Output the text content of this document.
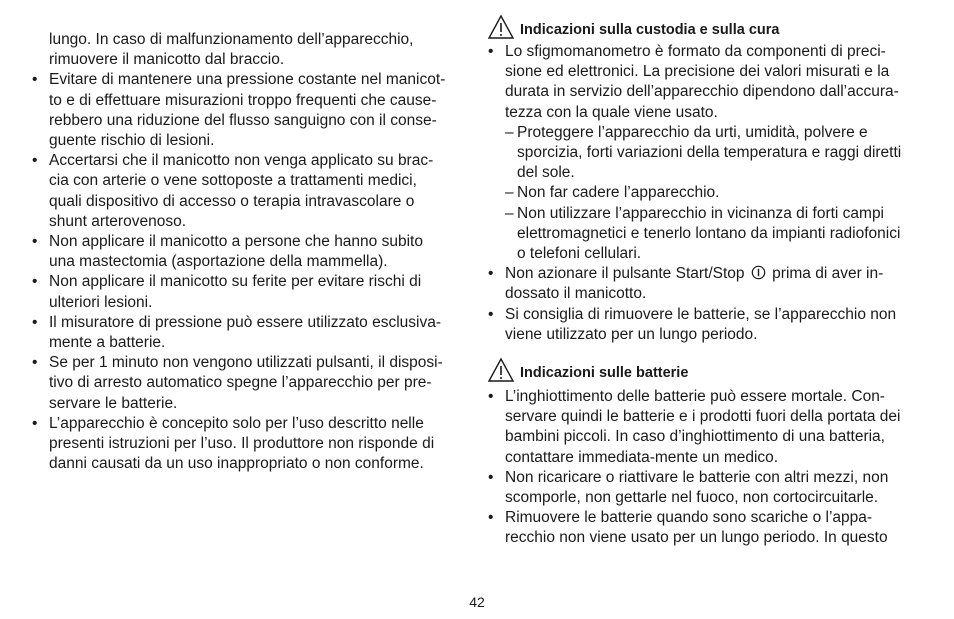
lungo. In caso di malfunzionamento dell’apparecchio,
rimuovere il manicotto dal braccio.

• Evitare di mantenere una pressione costante nel manicot-
to e di effettuare misurazioni troppo frequenti che cause-
rebbero una riduzione del flusso sanguigno con il conse-
guente rischio di lesioni.

• Accertarsi che il manicotto non venga applicato su brac-
cia con arterie o vene sottoposte a trattamenti medici,
quali dispositivo di accesso o terapia intravascolare o
shunt arterovenoso.

• Non applicare il manicotto a persone che hanno subito
una mastectomia (asportazione della mammella).

• Non applicare il manicotto su ferite per evitare rischi di
ulteriori lesioni.

• Il misuratore di pressione può essere utilizzato esclusiva-
mente a batterie.

• Se per 1 minuto non vengono utilizzati pulsanti, il disposi-
tivo di arresto automatico spegne l’apparecchio per pre-
servare le batterie.

• L’apparecchio è concepito solo per l’uso descritto nelle
presenti istruzioni per l’uso. Il produttore non risponde di
danni causati da un uso inappropriato o non conforme.

Indicazioni sulla custodia e sulla cura

• Lo sfigmomanometro è formato da componenti di preci-
sione ed elettronici. La precisione dei valori misurati e la
durata in servizio dell’apparecchio dipendono dall’accura-
tezza con la quale viene usato.

– Proteggere l’apparecchio da urti, umidità, polvere e
sporcizia, forti variazioni della temperatura e raggi diretti
del sole.

– Non far cadere l’apparecchio.

– Non utilizzare l’apparecchio in vicinanza di forti campi
elettromagnetici e tenerlo lontano da impianti radiofonici
o telefoni cellulari.

• Non azionare il pulsante Start/Stop prima di aver in-
dossato il manicotto.

• Si consiglia di rimuovere le batterie, se l’apparecchio non
viene utilizzato per un lungo periodo.

Indicazioni sulle batterie

• L’inghiottimento delle batterie può essere mortale. Con-
servare quindi le batterie e i prodotti fuori della portata dei
bambini piccoli. In caso d’inghiottimento di una batteria,
contattare immediata-mente un medico.

• Non ricaricare o riattivare le batterie con altri mezzi, non
scomporle, non gettarle nel fuoco, non cortocircuitarle.

• Rimuovere le batterie quando sono scariche o l’appa-
recchio non viene usato per un lungo periodo. In questo

42
